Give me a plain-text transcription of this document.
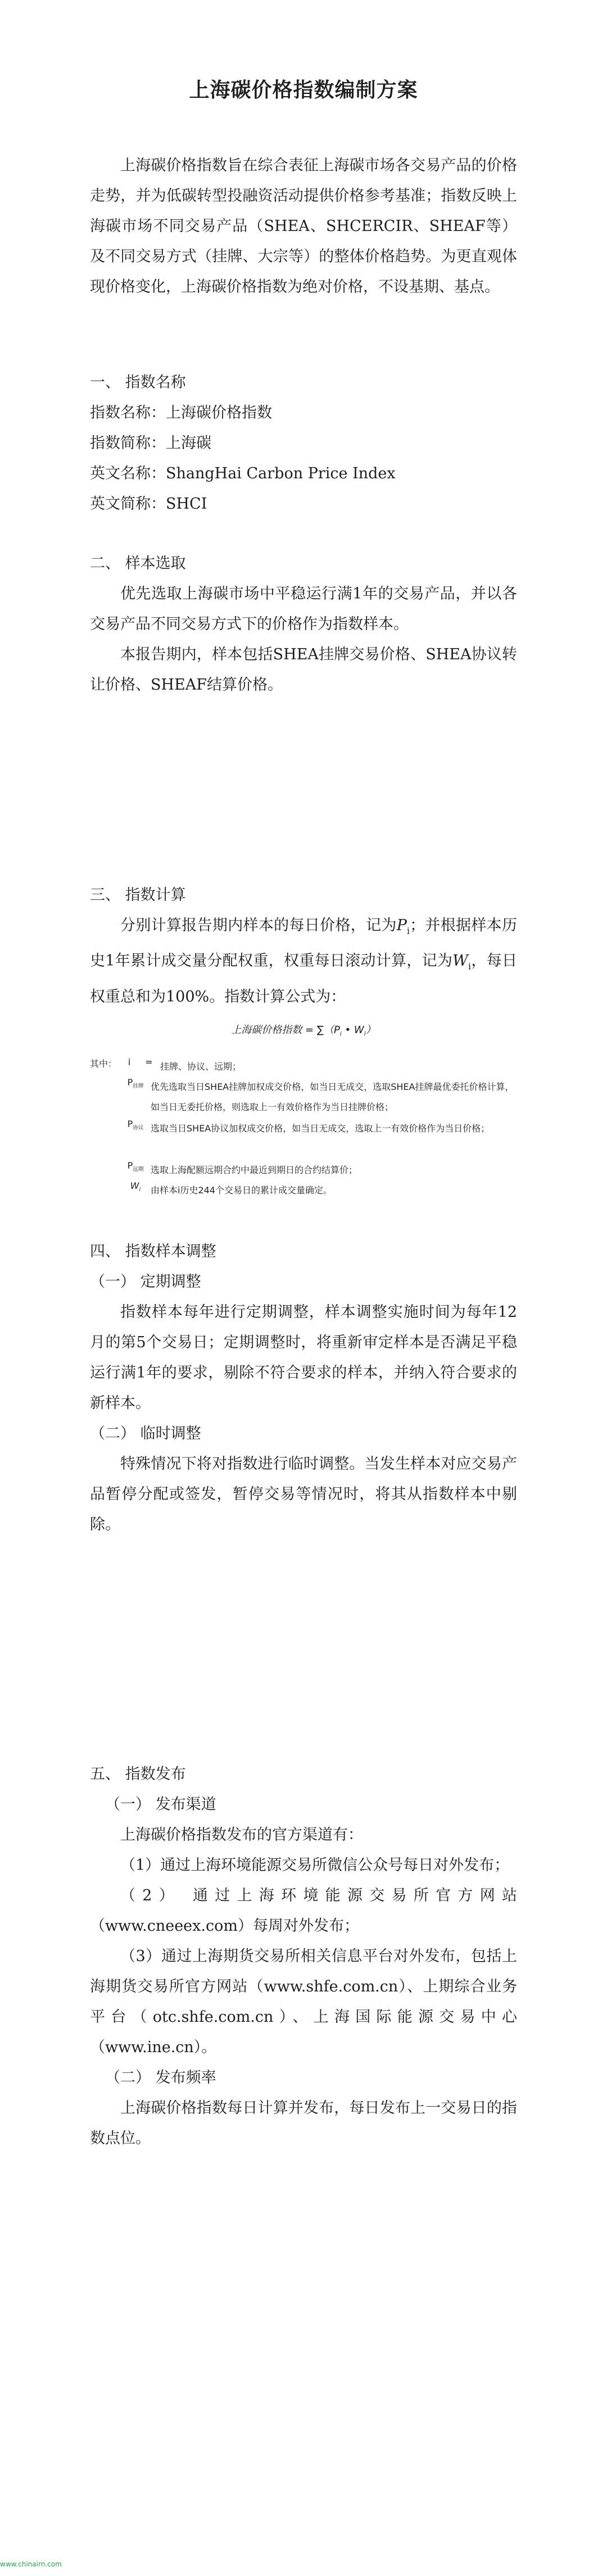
上海碳价格指数编制方案

上海碳价格指数旨在综合表征上海碳市场各交易产品的价格走势，并为低碳转型投融资活动提供价格参考基准；指数反映上海碳市场不同交易产品（SHEA、SHCERCIR、SHEAF等）及不同交易方式（挂牌、大宗等）的整体价格趋势。为更直观体现价格变化，上海碳价格指数为绝对价格，不设基期、基点。

一、 指数名称

指数名称：上海碳价格指数

指数简称：上海碳

英文名称：ShangHai Carbon Price Index

英文简称：SHCI

二、 样本选取

优先选取上海碳市场中平稳运行满1年的交易产品，并以各交易产品不同交易方式下的价格作为指数样本。

本报告期内，样本包括SHEA挂牌交易价格、SHEA协议转让价格、SHEAF结算价格。

三、 指数计算

分别计算报告期内样本的每日价格，记为$P_i$；并根据样本历史1年累计成交量分配权重，权重每日滚动计算，记为$W_i$，每日权重总和为100%。指数计算公式为：

上海碳价格指数 = $\sum(P_i$ • $W_i$）
其中：	i	= 挂牌、协议、远期；
$P_{挂牌}$ 优先选取当日SHEA挂牌加权成交价格，如当日无成交，选取SHEA挂牌最优委托价格计算，如当日无委托价格，则选取上一有效价格作为当日挂牌价格；
$P_{协议}$ 选取当日SHEA协议加权成交价格，如当日无成交，选取上一有效价格作为当日价格；
$P_{远期}$ 选取上海配额远期合约中最近到期日的合约结算价；
$W_i$	由样本i历史244个交易日的累计成交量确定。

四、 指数样本调整

（一） 定期调整

指数样本每年进行定期调整，样本调整实施时间为每年12月的第5个交易日；定期调整时，将重新审定样本是否满足平稳运行满1年的要求，剔除不符合要求的样本，并纳入符合要求的新样本。

（二） 临时调整

特殊情况下将对指数进行临时调整。当发生样本对应交易产品暂停分配或签发，暂停交易等情况时，将其从指数样本中剔除。

五、 指数发布

（一） 发布渠道

上海碳价格指数发布的官方渠道有：

（1）通过上海环境能源交易所微信公众号每日对外发布；

（2） 通过上海环境能源交易所官方网站

（www.cneeex.com）每周对外发布；

（3）通过上海期货交易所相关信息平台对外发布，包括上海期货交易所官方网站（www.shfe.com.cn）、上期综合业务平台（otc.shfe.com.cn）、上海国际能源交易中心（www.ine.cn）。

（二） 发布频率

上海碳价格指数每日计算并发布，每日发布上一交易日的指数点位。

www.chinairn.com
